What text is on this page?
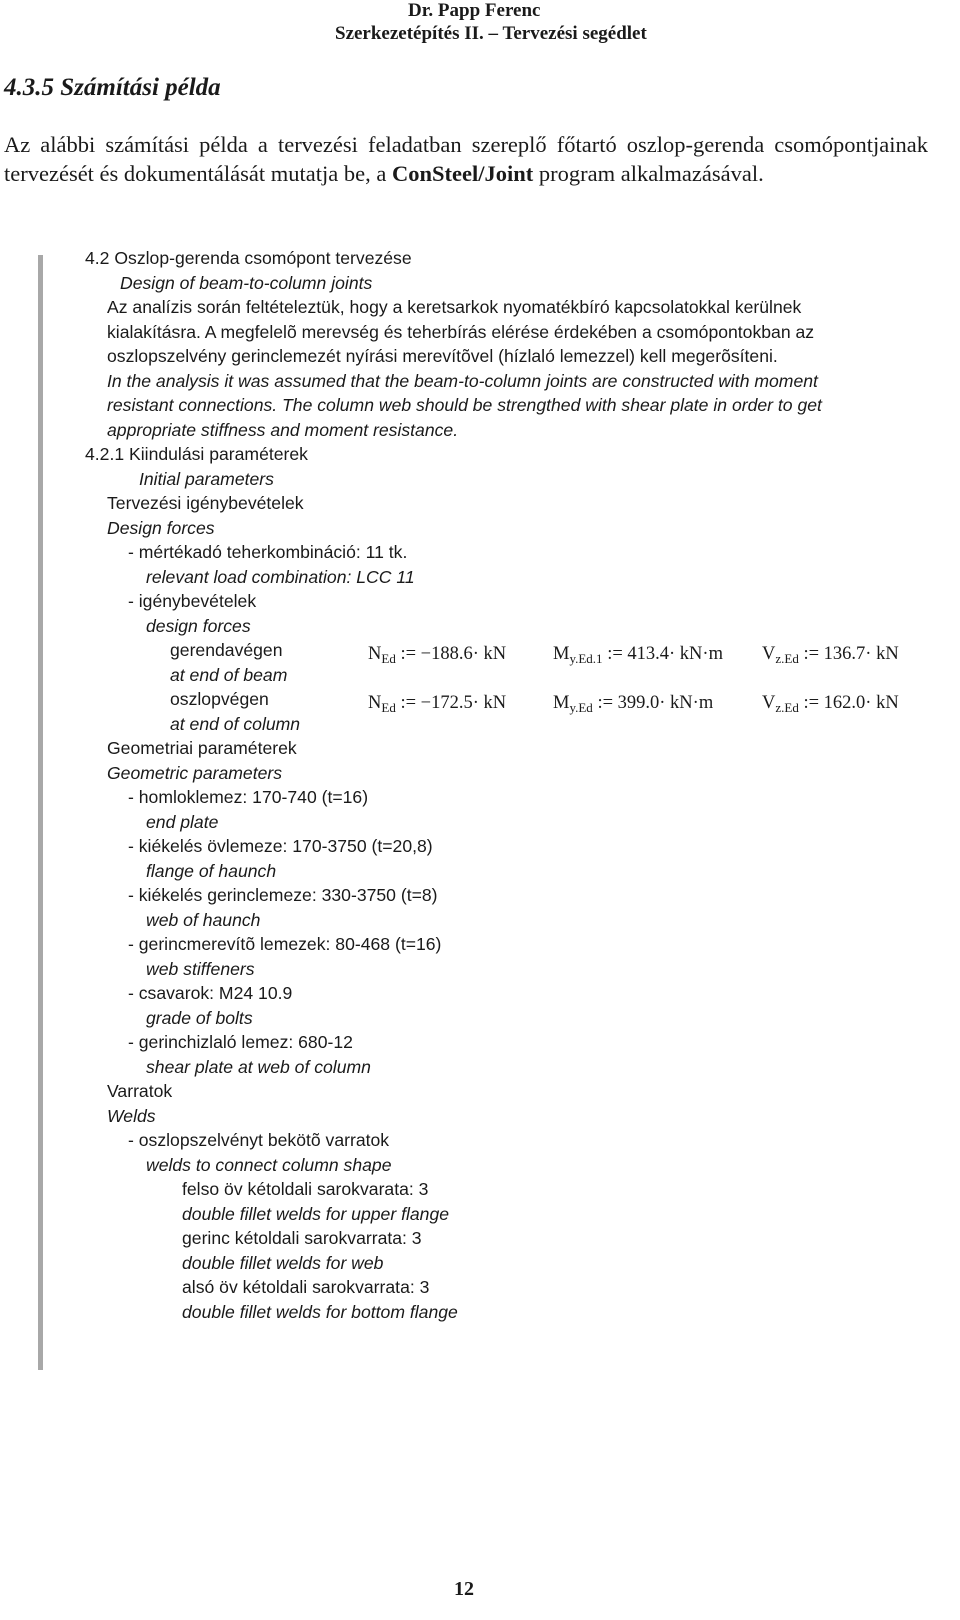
Dr. Papp Ferenc
Szerkezetépítés II. – Tervezési segédlet
4.3.5 Számítási példa
Az alábbi számítási példa a tervezési feladatban szereplő főtartó oszlop-gerenda csomópontjainak tervezését és dokumentálását mutatja be, a ConSteel/Joint program alkalmazásával.
4.2 Oszlop-gerenda csomópont tervezése
Design of beam-to-column joints
Az analízis során feltételeztük, hogy a keretsarkok nyomatékbíró kapcsolatokkal kerülnek
kialakításra. A megfelelõ merevség és teherbírás elérése érdekében a csomópontokban az
oszlopszelvény gerinclemezét nyírási merevítõvel (hízlaló lemezzel) kell megerõsíteni.
In the analysis it was assumed that the beam-to-column joints are constructed with moment
resistant connections. The column web should be strengthed with shear plate in order to get
appropriate stiffness and moment resistance.
4.2.1 Kiindulási paraméterek
Initial parameters
Tervezési igénybevételek
Design forces
- mértékadó teherkombináció: 11 tk.
relevant load combination: LCC 11
- igénybevételek
design forces
gerendavégen
at end of beam
oszlopvégen
at end of column
$N_{Ed}$ := −188.6· kN	$M_{y.Ed.1}$ := 413.4· kN·m $V_{z.Ed}$ := 136.7· kN
$N_{Ed}$ := −172.5· kN	$M_{y.Ed}$ := 399.0· kN·m	$V_{z.Ed}$ := 162.0· kN
Geometriai paraméterek
Geometric parameters
- homloklemez: 170-740 (t=16)
end plate
- kiékelés övlemeze: 170-3750 (t=20,8)
flange of haunch
- kiékelés gerinclemeze: 330-3750 (t=8)
web of haunch
- gerincmerevítõ lemezek: 80-468 (t=16)
web stiffeners
- csavarok: M24 10.9
grade of bolts
- gerinchizlaló lemez: 680-12
shear plate at web of column
Varratok
Welds
- oszlopszelvényt bekötõ varratok
welds to connect column shape
felso öv kétoldali sarokvarata: 3
double fillet welds for upper flange
gerinc kétoldali sarokvarrata: 3
double fillet welds for web
alsó öv kétoldali sarokvarrata: 3
double fillet welds for bottom flange
12
